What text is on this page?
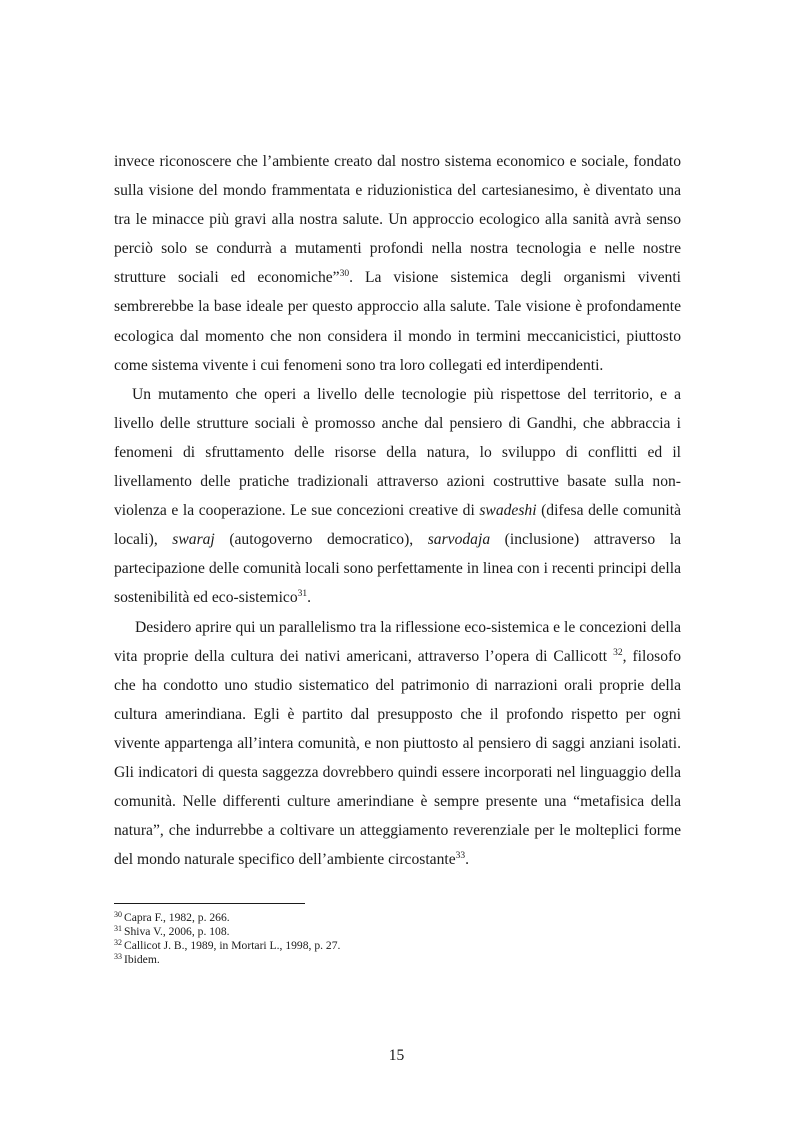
invece riconoscere che l’ambiente creato dal nostro sistema economico e sociale, fondato sulla visione del mondo frammentata e riduzionistica del cartesianesimo, è diventato una tra le minacce più gravi alla nostra salute. Un approccio ecologico alla sanità avrà senso perciò solo se condurrà a mutamenti profondi nella nostra tecnologia e nelle nostre strutture sociali ed economiche”$^{30}$. La visione sistemica degli organismi viventi sembrerebbe la base ideale per questo approccio alla salute. Tale visione è profondamente ecologica dal momento che non considera il mondo in termini meccanicistici, piuttosto come sistema vivente i cui fenomeni sono tra loro collegati ed interdipendenti.

Un mutamento che operi a livello delle tecnologie più rispettose del territorio, e a livello delle strutture sociali è promosso anche dal pensiero di Gandhi, che abbraccia i fenomeni di sfruttamento delle risorse della natura, lo sviluppo di conflitti ed il livellamento delle pratiche tradizionali attraverso azioni costruttive basate sulla non-violenza e la cooperazione. Le sue concezioni creative di swadeshi (difesa delle comunità locali), swaraj (autogoverno democratico), sarvodaja (inclusione) attraverso la partecipazione delle comunità locali sono perfettamente in linea con i recenti principi della sostenibilità ed eco-sistemico$^{31}$.

Desidero aprire qui un parallelismo tra la riflessione eco-sistemica e le concezioni della vita proprie della cultura dei nativi americani, attraverso l’opera di Callicott $^{32}$, filosofo che ha condotto uno studio sistematico del patrimonio di narrazioni orali proprie della cultura amerindiana. Egli è partito dal presupposto che il profondo rispetto per ogni vivente appartenga all’intera comunità, e non piuttosto al pensiero di saggi anziani isolati. Gli indicatori di questa saggezza dovrebbero quindi essere incorporati nel linguaggio della comunità. Nelle differenti culture amerindiane è sempre presente una “metafisica della natura”, che indurrebbe a coltivare un atteggiamento reverenziale per le molteplici forme del mondo naturale specifico dell’ambiente circostante$^{33}$.

$^{30}$ Capra F., 1982, p. 266.
$^{31}$ Shiva V., 2006, p. 108.
$^{32}$ Callicot J. B., 1989, in Mortari L., 1998, p. 27.
$^{33}$ Ibidem.
15
